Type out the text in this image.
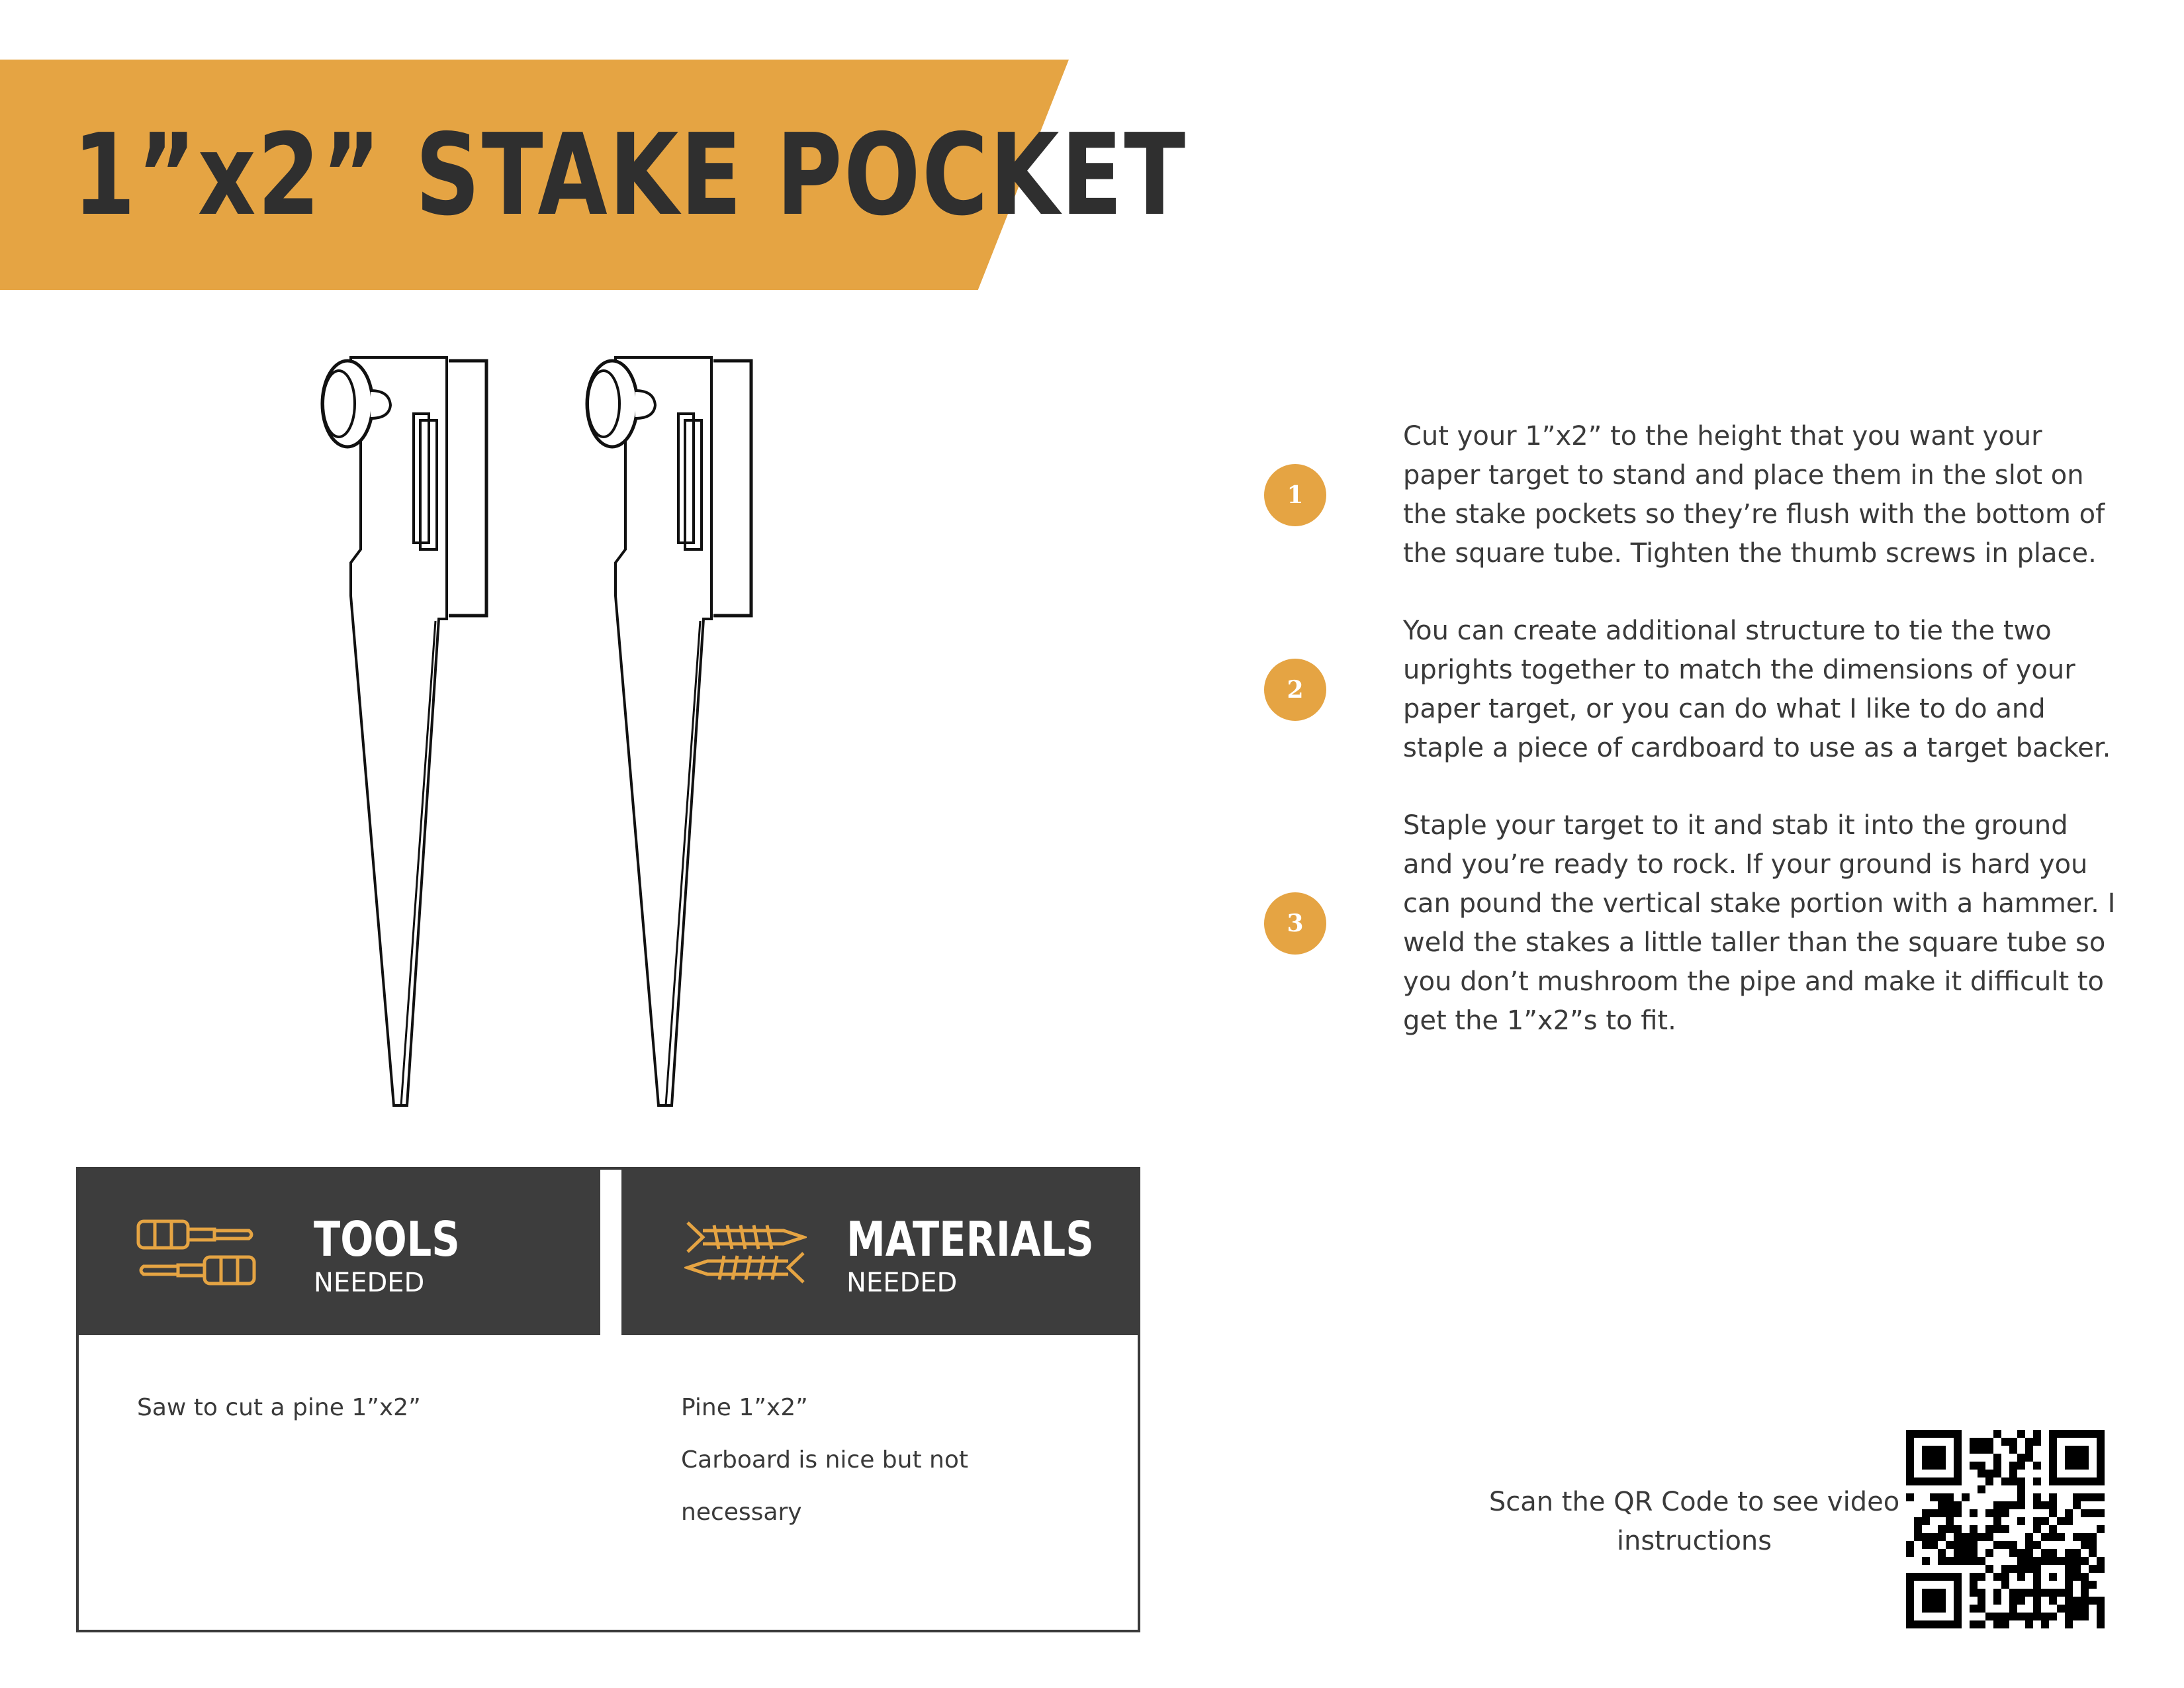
1”x2” STAKE POCKET
1

Cut your 1”x2” to the height that you want your paper target to stand and place them in the slot on the stake pockets so they’re flush with the bottom of the square tube. Tighten the thumb screws in place.

2

You can create additional structure to tie the two uprights together to match the dimensions of your paper target, or you can do what I like to do and staple a piece of cardboard to use as a target backer.

3

Staple your target to it and stab it into the ground and you’re ready to rock. If your ground is hard you can pound the vertical stake portion with a hammer. I weld the stakes a little taller than the square tube so you don’t mushroom the pipe and make it difficult to get the 1”x2”s to fit.

TOOLS

NEEDED

MATERIALS

NEEDED

Saw to cut a pine 1”x2”	Pine 1”x2”
Carboard is nice but not
necessary	Scan the QR Code to see video instructions
